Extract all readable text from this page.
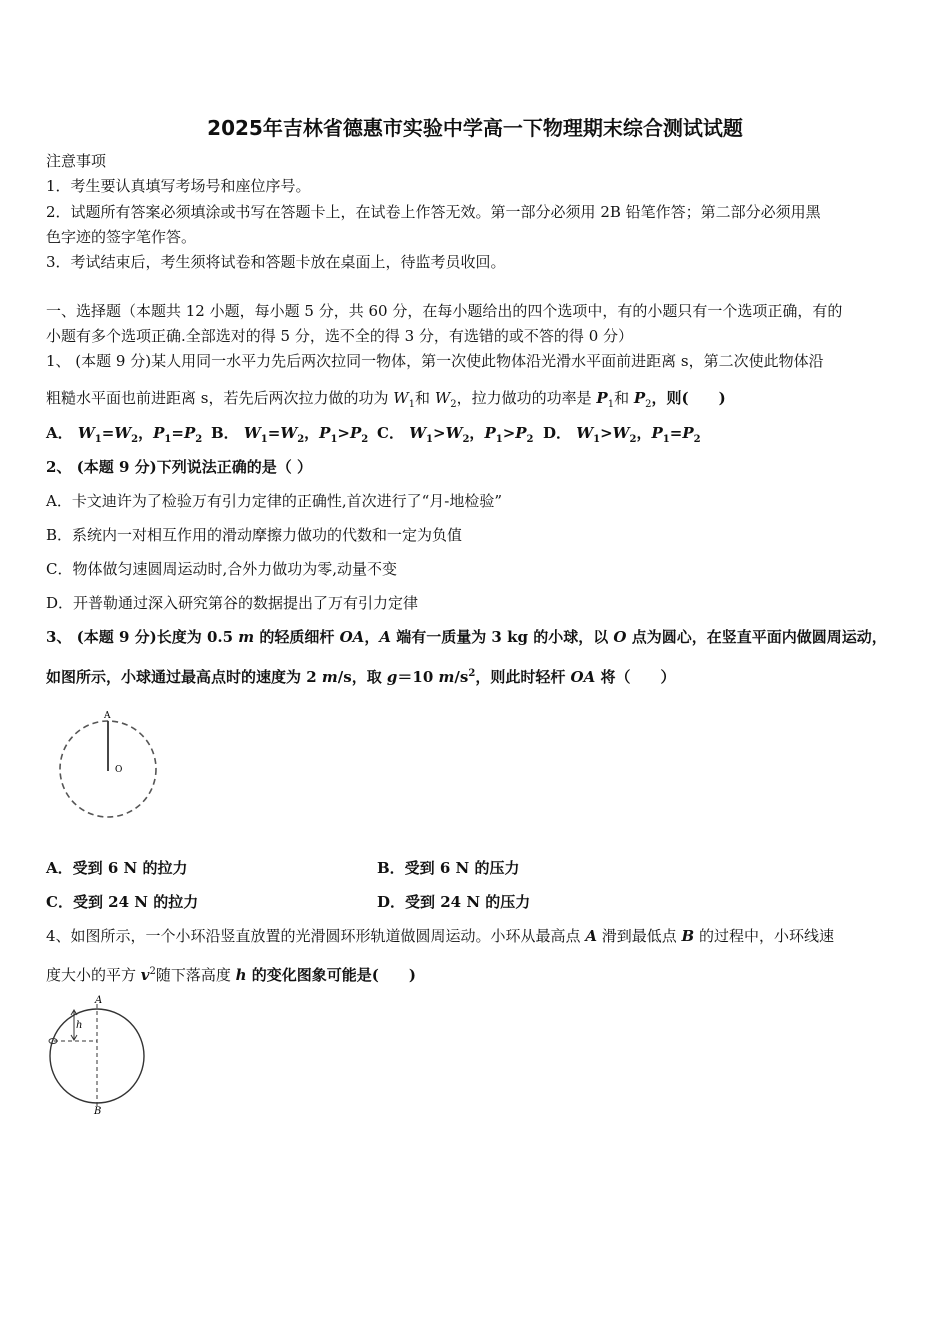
2025年吉林省德惠市实验中学高一下物理期末综合测试试题
注意事项
1．考生要认真填写考场号和座位序号。
2．试题所有答案必须填涂或书写在答题卡上，在试卷上作答无效。第一部分必须用 2B 铅笔作答；第二部分必须用黑
色字迹的签字笔作答。
3．考试结束后，考生须将试卷和答题卡放在桌面上，待监考员收回。
一、选择题（本题共 12 小题，每小题 5 分，共 60 分，在每小题给出的四个选项中，有的小题只有一个选项正确，有的
小题有多个选项正确.全部选对的得 5 分，选不全的得 3 分，有选错的或不答的得 0 分）
1、 (本题 9 分)某人用同一水平力先后两次拉同一物体，第一次使此物体沿光滑水平面前进距离 s，第二次使此物体沿
粗糙水平面也前进距离 s，若先后两次拉力做的功为 $W_1$和 $W_2$，拉力做功的功率是 $P_1$和 $P_2$，则(　　)
A． $W_1=W_2$，$P_1=P_2$ B． $W_1=W_2$，$P_1>P_2$ C． $W_1>W_2$，$P_1>P_2$ D． $W_1>W_2$，$P_1=P_2$
2、 (本题 9 分)下列说法正确的是（ ）
A．卡文迪许为了检验万有引力定律的正确性,首次进行了“月-地检验”
B．系统内一对相互作用的滑动摩擦力做功的代数和一定为负值
C．物体做匀速圆周运动时,合外力做功为零,动量不变
D．开普勒通过深入研究第谷的数据提出了万有引力定律
3、 (本题 9 分)长度为 0.5 m 的轻质细杆 OA，A 端有一质量为 3 kg 的小球，以 O 点为圆心，在竖直平面内做圆周运动，
如图所示，小球通过最高点时的速度为 2 m/s，取 g＝10 $m/s^2$，则此时轻杆 OA 将（　　）
A
O
A．受到 6 N 的拉力	B．受到 6 N 的压力
C．受到 24 N 的拉力	D．受到 24 N 的压力
4、如图所示，一个小环沿竖直放置的光滑圆环形轨道做圆周运动。小环从最高点 A 滑到最低点 B 的过程中，小环线速
度大小的平方 $v^2$随下落高度 h 的变化图象可能是(　　)
A
h
B
